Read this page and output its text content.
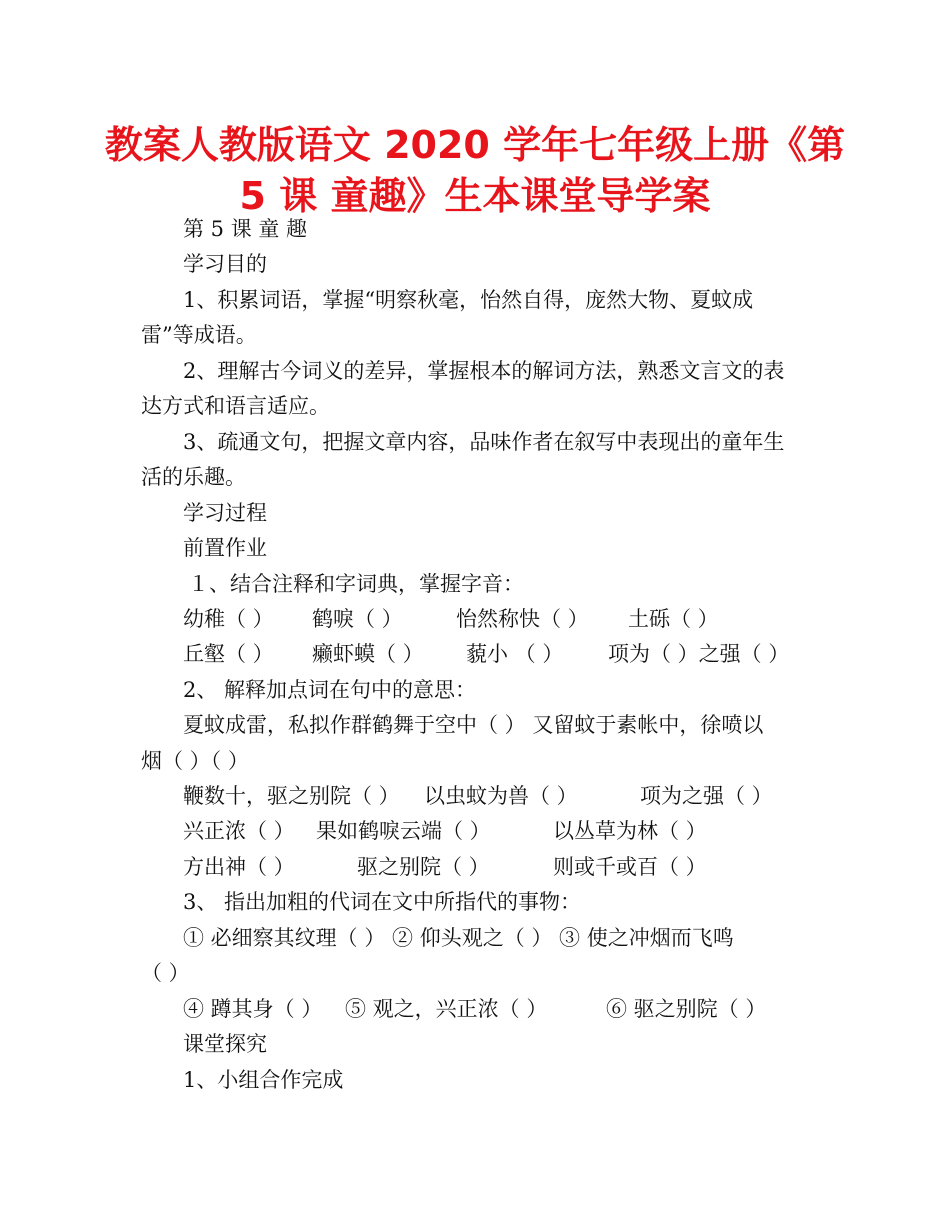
教案人教版语文 2020 学年七年级上册《第
5 课 童趣》生本课堂导学案
第 5 课 童 趣
学习目的
1、积累词语，掌握“明察秋毫，怡然自得，庞然大物、夏蚊成
雷”等成语。
2、理解古今词义的差异，掌握根本的解词方法，熟悉文言文的表
达方式和语言适应。
3、疏通文句，把握文章内容，品味作者在叙写中表现出的童年生
活的乐趣。
学习过程
前置作业
１、结合注释和字词典，掌握字音：
幼稚（ ） 鹤唳（ ）	怡然称快（ ） 土砾（ ）
丘壑（ ） 癞虾蟆（ ） 藐小 （ ） 项为（ ）之强（ ）
2、 解释加点词在句中的意思：
夏蚊成雷，私拟作群鹤舞于空中（ ） 又留蚊于素帐中，徐喷以
烟（ ）（ ）
鞭数十，驱之别院（ ） 以虫蚊为兽（ ）	项为之强（ ）
兴正浓（ ） 果如鹤唳云端（ ）	以丛草为林（ ）
方出神（ ）	驱之别院（ ）	则或千或百（ ）
3、 指出加粗的代词在文中所指代的事物：
① 必细察其纹理（ ） ② 仰头观之（ ） ③ 使之冲烟而飞鸣
（ ）
④ 蹲其身（ ） ⑤ 观之，兴正浓（ ）	⑥ 驱之别院（ ）
课堂探究
1、小组合作完成
